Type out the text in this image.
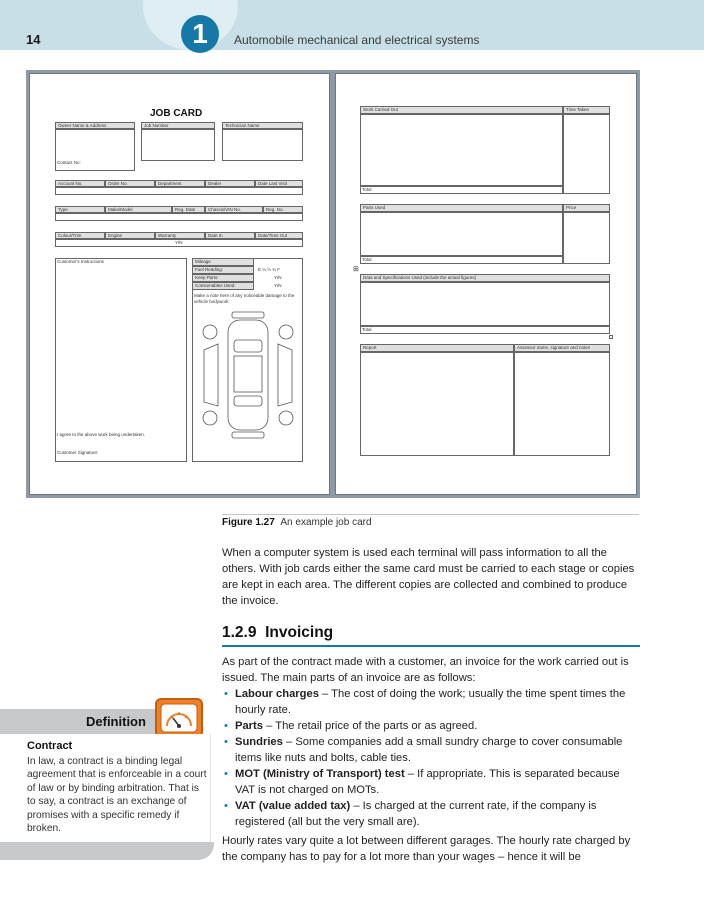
14	1	Automobile mechanical and electrical systems
JOB CARD
Owner Name & Address	Job Number	Technician Name
Contact No:
Account No.	Order No.	Department	Dealer	Date Last Visit
Type	Make/Model	Reg. Date	Chassis/VIN No.	Reg. No.
Colour/Trim	Engine	Warranty	Date In	Date/Time Out
Y/N
Customer's Instructions
I agree to the above work being undertaken.
Customer Signature:
Mileage
Fuel Reading:	E ¼ ½ ¾ F
Keep Parts:	Y/N
Consumables Used:	Y/N
Make a note here of any noticeable damage to the vehicle bodywork:
Work Carried Out	Time Taken
Total
Parts Used	Price
Total
⊞
Data and Specifications Used (include the actual figures)
Total
Report	Assessor name, signature and notes
Figure 1.27 An example job card

When a computer system is used each terminal will pass information to all the others. With job cards either the same card must be carried to each stage or copies are kept in each area. The different copies are collected and combined to produce the invoice.

1.2.9 Invoicing

As part of the contract made with a customer, an invoice for the work carried out is issued. The main parts of an invoice are as follows:

• Labour charges – The cost of doing the work; usually the time spent times the hourly rate.
• Parts – The retail price of the parts or as agreed.
• Sundries – Some companies add a small sundry charge to cover consumable items like nuts and bolts, cable ties.
• MOT (Ministry of Transport) test – If appropriate. This is separated because VAT is not charged on MOTs.
• VAT (value added tax) – Is charged at the current rate, if the company is registered (all but the very small are).

Hourly rates vary quite a lot between different garages. The hourly rate charged by the company has to pay for a lot more than your wages – hence it will be

Definition
Contract

In law, a contract is a binding legal agreement that is enforceable in a court of law or by binding arbitration. That is to say, a contract is an exchange of promises with a specific remedy if broken.
